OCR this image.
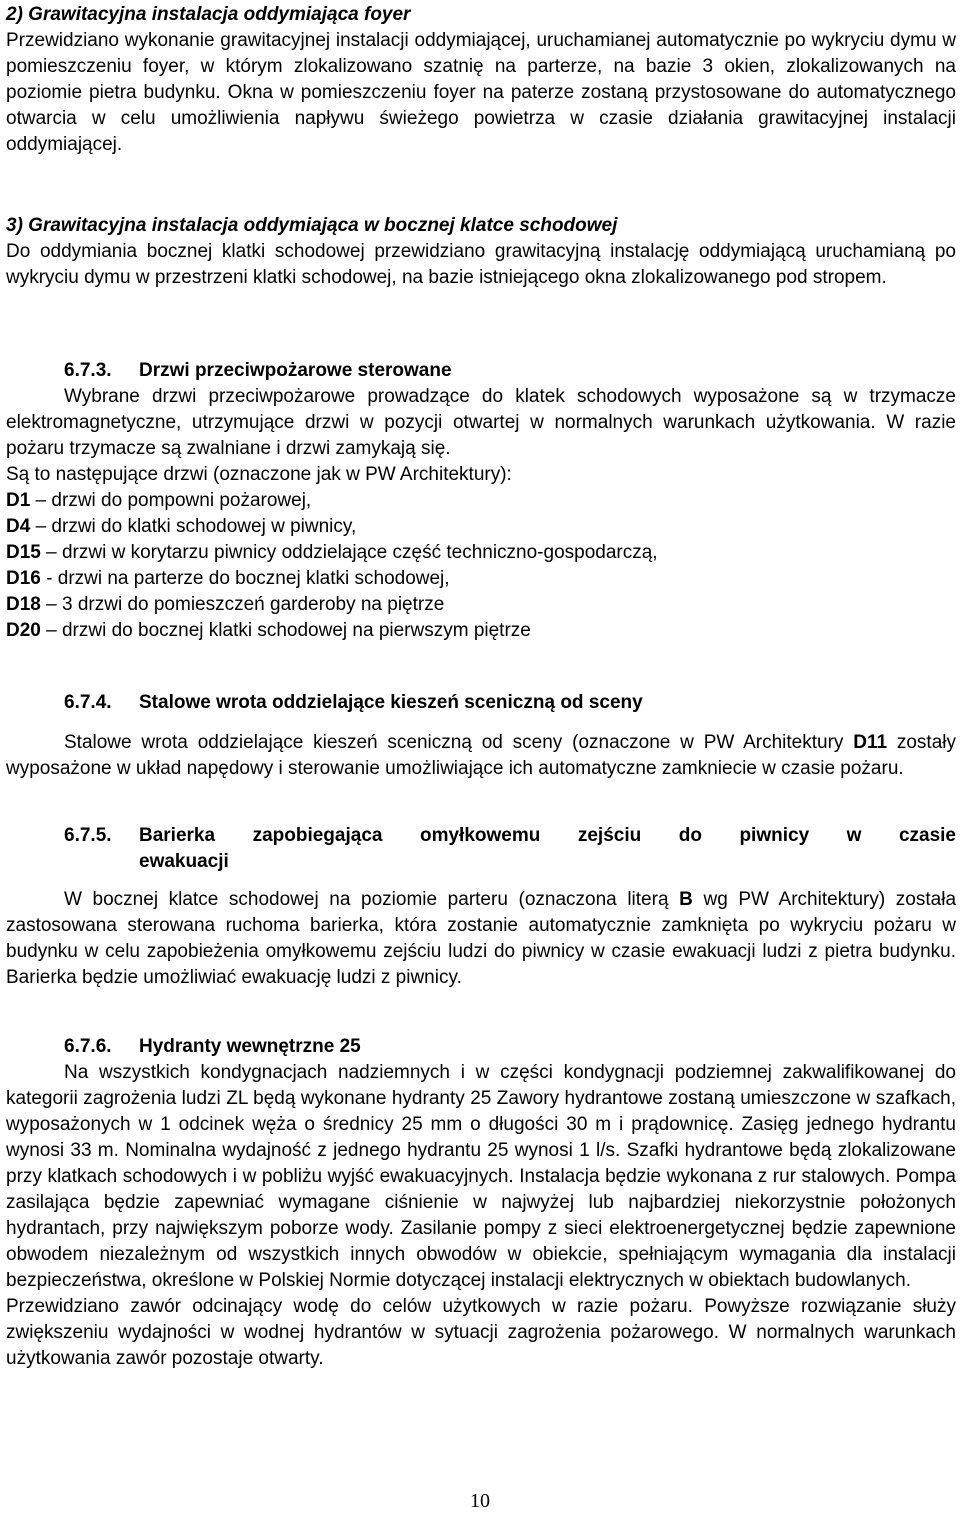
2) Grawitacyjna instalacja oddymiająca foyer

Przewidziano wykonanie grawitacyjnej instalacji oddymiającej, uruchamianej automatycznie po wykryciu dymu w pomieszczeniu foyer, w którym zlokalizowano szatnię na parterze, na bazie 3 okien, zlokalizowanych na poziomie pietra budynku. Okna w pomieszczeniu foyer na paterze zostaną przystosowane do automatycznego otwarcia w celu umożliwienia napływu świeżego powietrza w czasie działania grawitacyjnej instalacji oddymiającej.

3) Grawitacyjna instalacja oddymiająca w bocznej klatce schodowej

Do oddymiania bocznej klatki schodowej przewidziano grawitacyjną instalację oddymiającą uruchamianą po wykryciu dymu w przestrzeni klatki schodowej, na bazie istniejącego okna zlokalizowanego pod stropem.

6.7.3. Drzwi przeciwpożarowe sterowane

Wybrane drzwi przeciwpożarowe prowadzące do klatek schodowych wyposażone są w trzymacze elektromagnetyczne, utrzymujące drzwi w pozycji otwartej w normalnych warunkach użytkowania. W razie pożaru trzymacze są zwalniane i drzwi zamykają się.

Są to następujące drzwi (oznaczone jak w PW Architektury):

D1 – drzwi do pompowni pożarowej,

D4 – drzwi do klatki schodowej w piwnicy,

D15 – drzwi w korytarzu piwnicy oddzielające część techniczno-gospodarczą,

D16 - drzwi na parterze do bocznej klatki schodowej,

D18 – 3 drzwi do pomieszczeń garderoby na piętrze

D20 – drzwi do bocznej klatki schodowej na pierwszym piętrze

6.7.4. Stalowe wrota oddzielające kieszeń sceniczną od sceny

Stalowe wrota oddzielające kieszeń sceniczną od sceny (oznaczone w PW Architektury D11 zostały wyposażone w układ napędowy i sterowanie umożliwiające ich automatyczne zamkniecie w czasie pożaru.

6.7.5.	Barierka zapobiegająca omyłkowemu zejściu do piwnicy w czasie
ewakuacji

W bocznej klatce schodowej na poziomie parteru (oznaczona literą B wg PW Architektury) została zastosowana sterowana ruchoma barierka, która zostanie automatycznie zamknięta po wykryciu pożaru w budynku w celu zapobieżenia omyłkowemu zejściu ludzi do piwnicy w czasie ewakuacji ludzi z pietra budynku. Barierka będzie umożliwiać ewakuację ludzi z piwnicy.

6.7.6. Hydranty wewnętrzne 25

Na wszystkich kondygnacjach nadziemnych i w części kondygnacji podziemnej zakwalifikowanej do kategorii zagrożenia ludzi ZL będą wykonane hydranty 25 Zawory hydrantowe zostaną umieszczone w szafkach, wyposażonych w 1 odcinek węża o średnicy 25 mm o długości 30 m i prądownicę. Zasięg jednego hydrantu wynosi 33 m. Nominalna wydajność z jednego hydrantu 25 wynosi 1 l/s. Szafki hydrantowe będą zlokalizowane przy klatkach schodowych i w pobliżu wyjść ewakuacyjnych. Instalacja będzie wykonana z rur stalowych. Pompa zasilająca będzie zapewniać wymagane ciśnienie w najwyżej lub najbardziej niekorzystnie położonych hydrantach, przy największym poborze wody. Zasilanie pompy z sieci elektroenergetycznej będzie zapewnione obwodem niezależnym od wszystkich innych obwodów w obiekcie, spełniającym wymagania dla instalacji bezpieczeństwa, określone w Polskiej Normie dotyczącej instalacji elektrycznych w obiektach budowlanych.

Przewidziano zawór odcinający wodę do celów użytkowych w razie pożaru. Powyższe rozwiązanie służy zwiększeniu wydajności w wodnej hydrantów w sytuacji zagrożenia pożarowego. W normalnych warunkach użytkowania zawór pozostaje otwarty.

10
